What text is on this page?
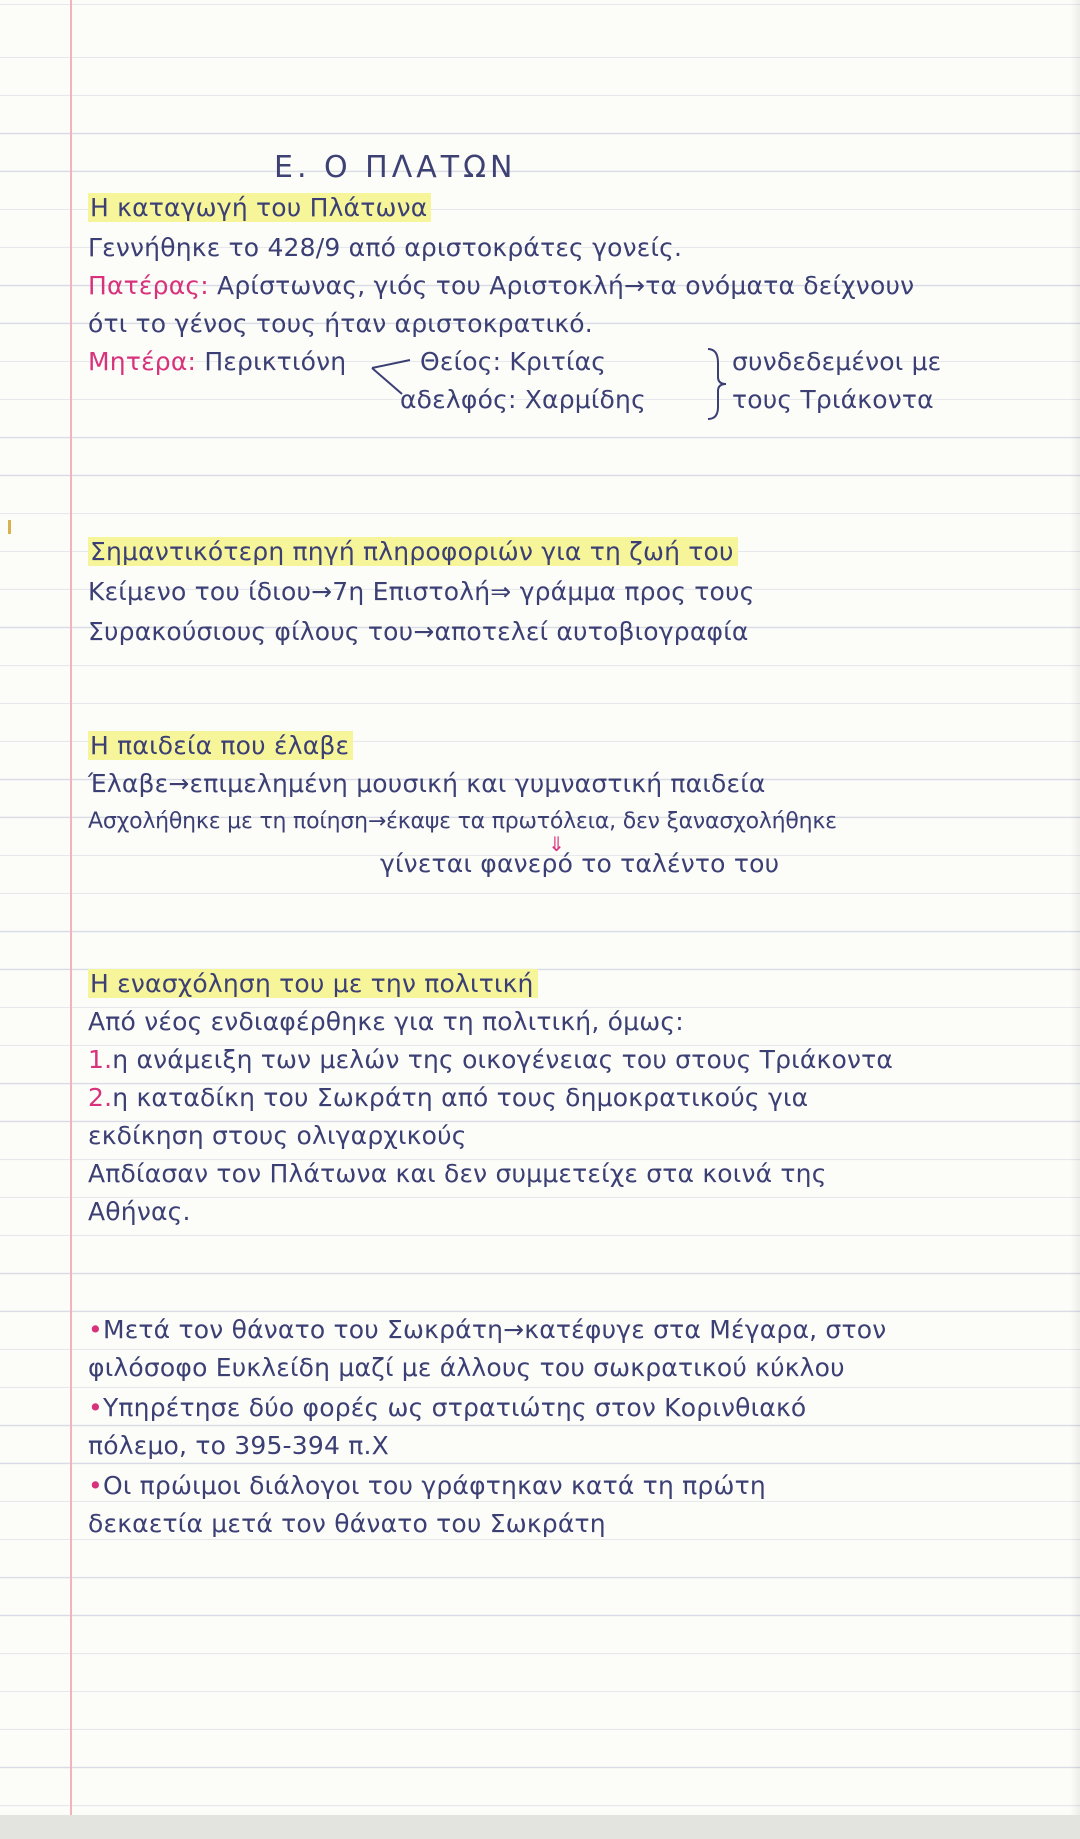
Ε. Ο ΠΛΑΤΩΝ
Η καταγωγή του Πλάτωνα
Γεννήθηκε το 428/9 από αριστοκράτες γονείς.
Πατέρας: Αρίστωνας, γιός του Αριστοκλή→τα ονόματα δείχνουν
ότι το γένος τους ήταν αριστοκρατικό.
Μητέρα: Περικτιόνη	Θείος: Κριτίας	συνδεδεμένοι με
αδελφός: Χαρμίδης	τους Τριάκοντα
Σημαντικότερη πηγή πληροφοριών για τη ζωή του
Κείμενο του ίδιου→7η Επιστολή⇒ γράμμα προς τους
Συρακούσιους φίλους του→αποτελεί αυτοβιογραφία
Η παιδεία που έλαβε
Έλαβε→επιμελημένη μουσική και γυμναστική παιδεία
Ασχολήθηκε με τη ποίηση→έκαψε τα πρωτόλεια, δεν ξανασχολήθηκε
⇓
γίνεται φανερό το ταλέντο του
Η ενασχόληση του με την πολιτική
Από νέος ενδιαφέρθηκε για τη πολιτική, όμως:
1.η ανάμειξη των μελών της οικογένειας του στους Τριάκοντα
2.η καταδίκη του Σωκράτη από τους δημοκρατικούς για
εκδίκηση στους ολιγαρχικούς
Απδίασαν τον Πλάτωνα και δεν συμμετείχε στα κοινά της
Αθήνας.
•Μετά τον θάνατο του Σωκράτη→κατέφυγε στα Μέγαρα, στον
φιλόσοφο Ευκλείδη μαζί με άλλους του σωκρατικού κύκλου
•Υπηρέτησε δύο φορές ως στρατιώτης στον Κορινθιακό
πόλεμο, το 395-394 π.Χ
•Οι πρώιμοι διάλογοι του γράφτηκαν κατά τη πρώτη
δεκαετία μετά τον θάνατο του Σωκράτη
